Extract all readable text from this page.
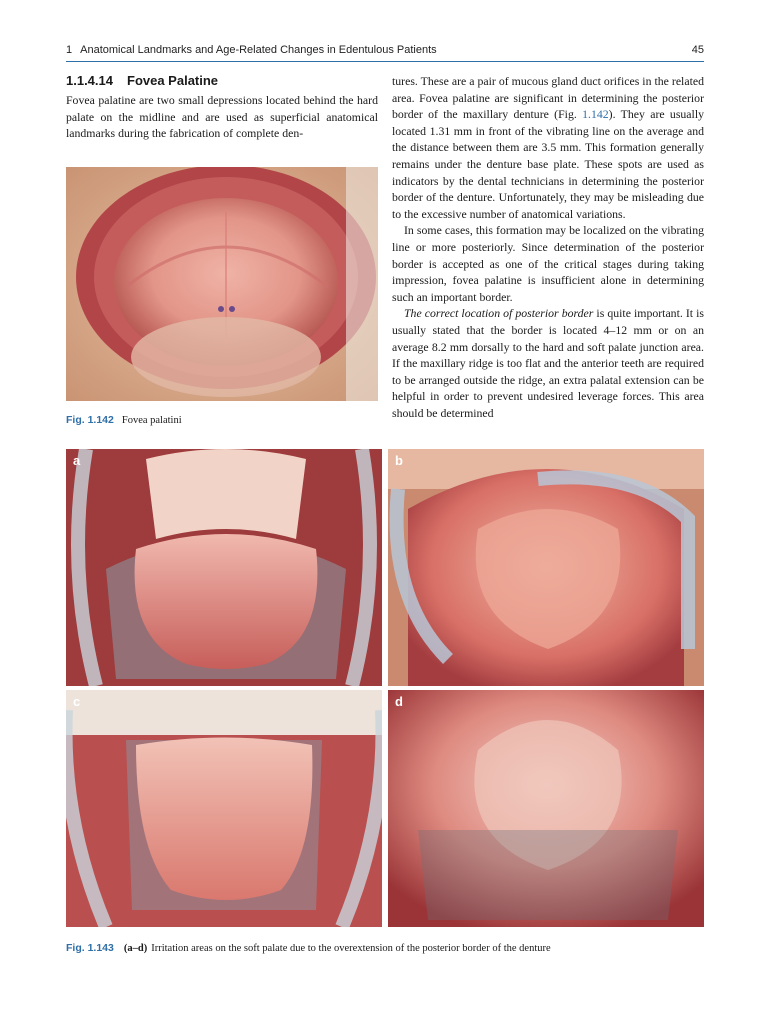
1 Anatomical Landmarks and Age-Related Changes in Edentulous Patients	45
1.1.4.14 Fovea Palatine

Fovea palatine are two small depressions located behind the hard palate on the midline and are used as superficial anatomical landmarks during the fabrication of complete den-

tures. These are a pair of mucous gland duct orifices in the related area. Fovea palatine are significant in determining the posterior border of the maxillary denture (Fig. 1.142). They are usually located 1.31 mm in front of the vibrating line on the average and the distance between them are 3.5 mm. This formation generally remains under the denture base plate. These spots are used as indicators by the dental technicians in determining the posterior border of the denture. Unfortunately, they may be misleading due to the excessive number of anatomical variations.

In some cases, this formation may be localized on the vibrating line or more posteriorly. Since determination of the posterior border is accepted as one of the critical stages during taking impression, fovea palatine is insufficient alone in determining such an important border.

The correct location of posterior border is quite important. It is usually stated that the border is located 4–12 mm or on an average 8.2 mm dorsally to the hard and soft palate junction area. If the maxillary ridge is too flat and the anterior teeth are required to be arranged outside the ridge, an extra palatal extension can be helpful in order to prevent undesired leverage forces. This area should be determined

Fig. 1.142 Fovea palatini
a	b
c	d
Fig. 1.143 (a–d) Irritation areas on the soft palate due to the overextension of the posterior border of the denture
